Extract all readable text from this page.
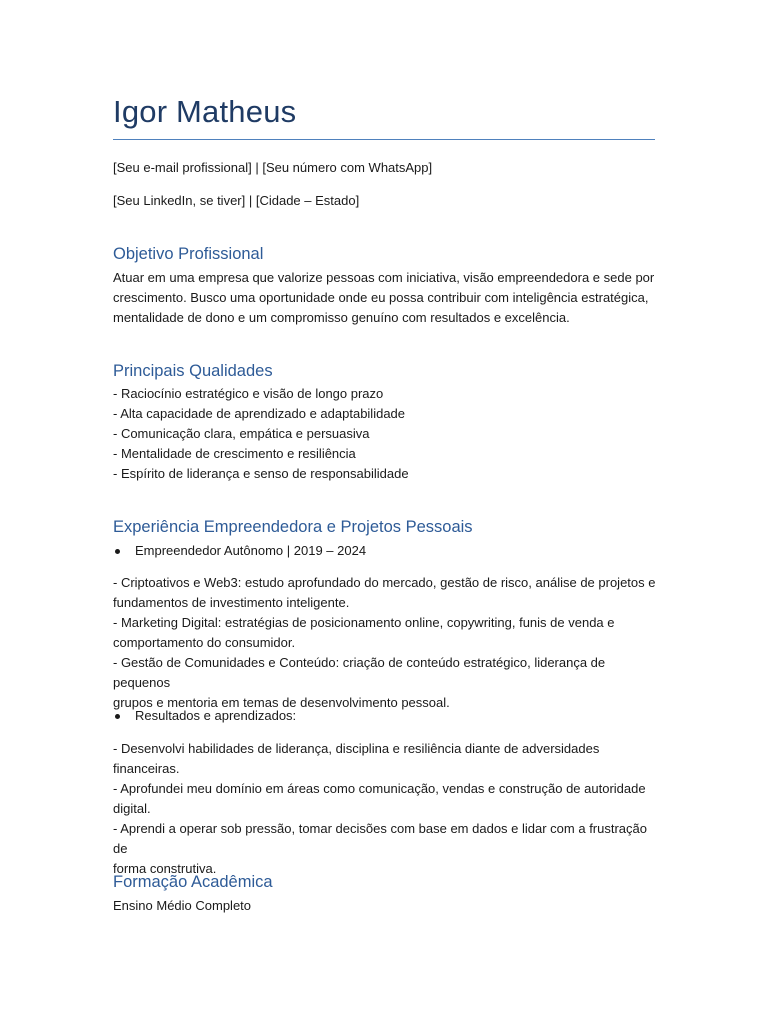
Igor Matheus

[Seu e-mail profissional] | [Seu número com WhatsApp]

[Seu LinkedIn, se tiver] | [Cidade – Estado]

Objetivo Profissional

Atuar em uma empresa que valorize pessoas com iniciativa, visão empreendedora e sede por

crescimento. Busco uma oportunidade onde eu possa contribuir com inteligência estratégica,

mentalidade de dono e um compromisso genuíno com resultados e excelência.

Principais Qualidades
- Raciocínio estratégico e visão de longo prazo
- Alta capacidade de aprendizado e adaptabilidade
- Comunicação clara, empática e persuasiva
- Mentalidade de crescimento e resiliência
- Espírito de liderança e senso de responsabilidade
Experiência Empreendedora e Projetos Pessoais
Empreendedor Autônomo | 2019 – 2024

- Criptoativos e Web3: estudo aprofundado do mercado, gestão de risco, análise de projetos e

fundamentos de investimento inteligente.

- Marketing Digital: estratégias de posicionamento online, copywriting, funis de venda e

comportamento do consumidor.

- Gestão de Comunidades e Conteúdo: criação de conteúdo estratégico, liderança de pequenos

grupos e mentoria em temas de desenvolvimento pessoal.

Resultados e aprendizados:

- Desenvolvi habilidades de liderança, disciplina e resiliência diante de adversidades financeiras.

- Aprofundei meu domínio em áreas como comunicação, vendas e construção de autoridade

digital.

- Aprendi a operar sob pressão, tomar decisões com base em dados e lidar com a frustração de

forma construtiva.

Formação Acadêmica

Ensino Médio Completo
